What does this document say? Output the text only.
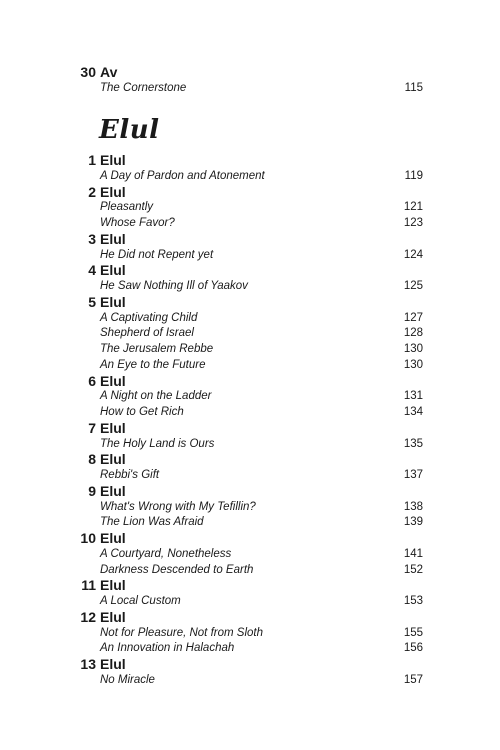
Elul
30 Av
The Cornerstone	115
1 Elul
A Day of Pardon and Atonement	119
2 Elul
Pleasantly	121
Whose Favor?	123
3 Elul
He Did not Repent yet	124
4 Elul
He Saw Nothing Ill of Yaakov	125
5 Elul
A Captivating Child	127
Shepherd of Israel	128
The Jerusalem Rebbe	130
An Eye to the Future	130
6 Elul
A Night on the Ladder	131
How to Get Rich	134
7 Elul
The Holy Land is Ours	135
8 Elul
Rebbi's Gift	137
9 Elul
What's Wrong with My Tefillin?	138
The Lion Was Afraid	139
10 Elul
A Courtyard, Nonetheless	141
Darkness Descended to Earth	152
11 Elul
A Local Custom	153
12 Elul
Not for Pleasure, Not from Sloth	155
An Innovation in Halachah	156
13 Elul
No Miracle	157
